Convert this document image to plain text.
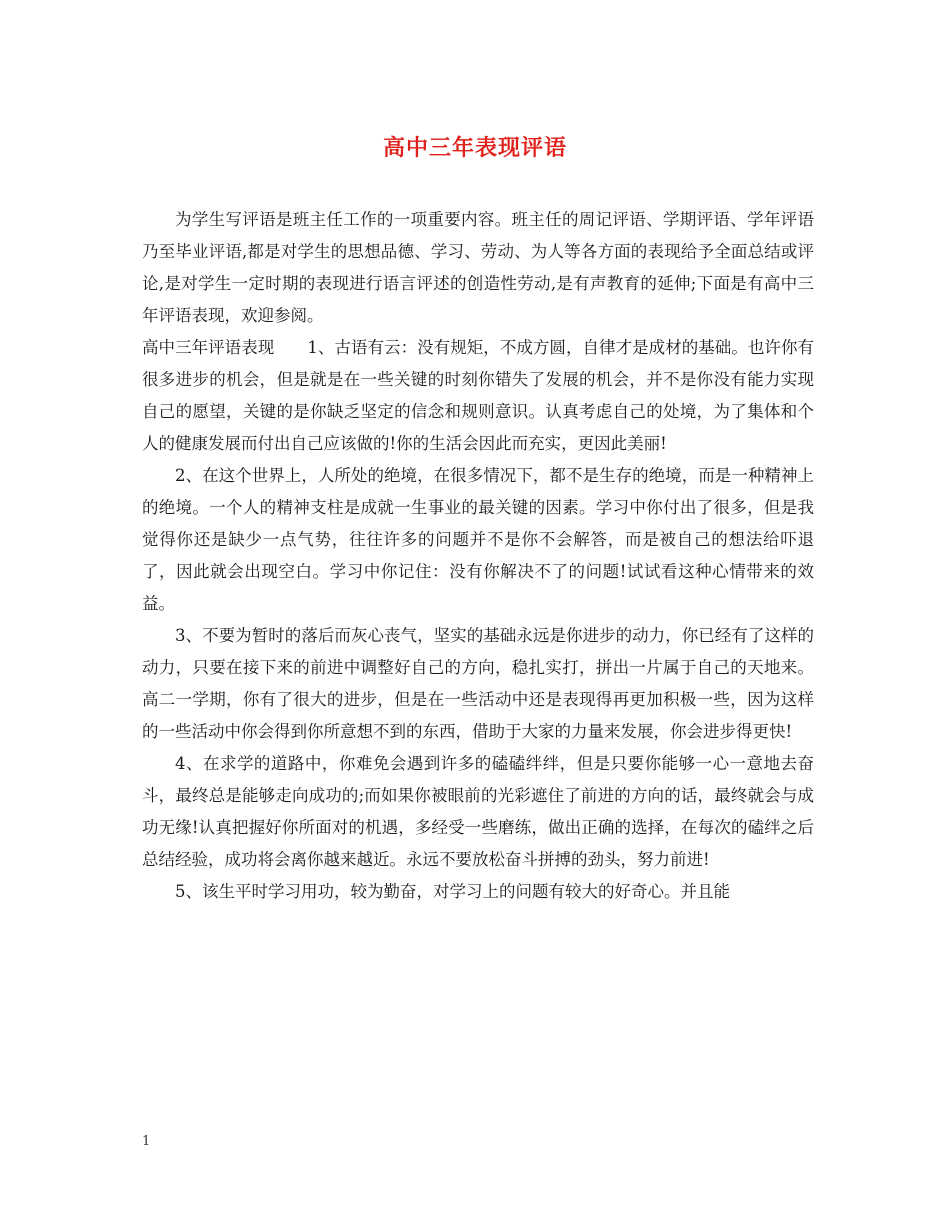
高中三年表现评语

为学生写评语是班主任工作的一项重要内容。班主任的周记评语、学期评语、学年评语乃至毕业评语,都是对学生的思想品德、学习、劳动、为人等各方面的表现给予全面总结或评论,是对学生一定时期的表现进行语言评述的创造性劳动,是有声教育的延伸;下面是有高中三年评语表现，欢迎参阅。

高中三年评语表现　　1、古语有云：没有规矩，不成方圆，自律才是成材的基础。也许你有很多进步的机会，但是就是在一些关键的时刻你错失了发展的机会，并不是你没有能力实现自己的愿望，关键的是你缺乏坚定的信念和规则意识。认真考虑自己的处境，为了集体和个人的健康发展而付出自己应该做的!你的生活会因此而充实，更因此美丽!

2、在这个世界上，人所处的绝境，在很多情况下，都不是生存的绝境，而是一种精神上的绝境。一个人的精神支柱是成就一生事业的最关键的因素。学习中你付出了很多，但是我觉得你还是缺少一点气势，往往许多的问题并不是你不会解答，而是被自己的想法给吓退了，因此就会出现空白。学习中你记住：没有你解决不了的问题!试试看这种心情带来的效益。

3、不要为暂时的落后而灰心丧气，坚实的基础永远是你进步的动力，你已经有了这样的动力，只要在接下来的前进中调整好自己的方向，稳扎实打，拼出一片属于自己的天地来。高二一学期，你有了很大的进步，但是在一些活动中还是表现得再更加积极一些，因为这样的一些活动中你会得到你所意想不到的东西，借助于大家的力量来发展，你会进步得更快!

4、在求学的道路中，你难免会遇到许多的磕磕绊绊，但是只要你能够一心一意地去奋斗，最终总是能够走向成功的;而如果你被眼前的光彩遮住了前进的方向的话，最终就会与成功无缘!认真把握好你所面对的机遇，多经受一些磨练，做出正确的选择，在每次的磕绊之后总结经验，成功将会离你越来越近。永远不要放松奋斗拼搏的劲头，努力前进!

5、该生平时学习用功，较为勤奋，对学习上的问题有较大的好奇心。并且能

1
